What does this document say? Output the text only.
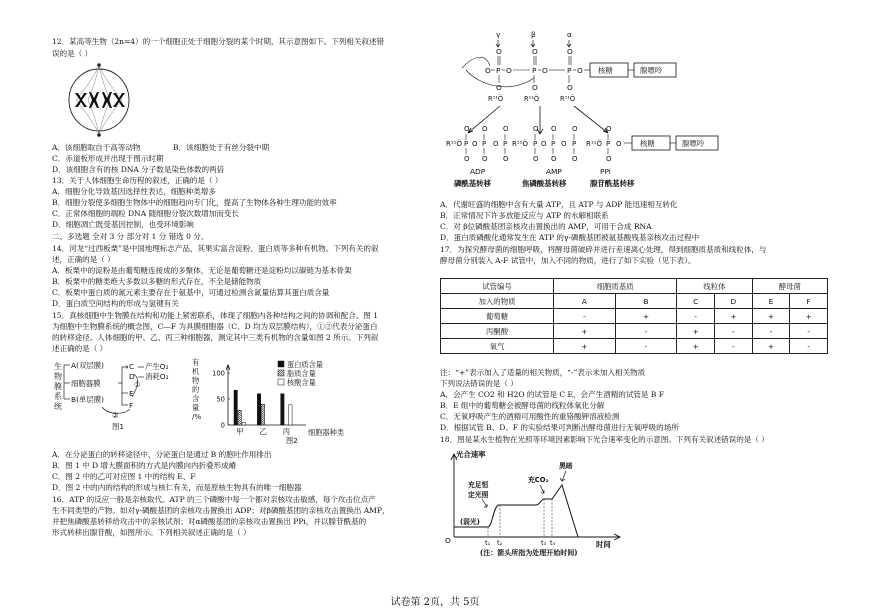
12．某高等生物（2n=4）的一个细胞正处于细胞分裂的某个时期，其示意图如下。下列相关叙述错
误的是（ ）
A．该细胞取自于高等动物	B．该细胞处于有丝分裂中期
C．赤道板形成并出现于图示时期
D．该细胞含有的核 DNA 分子数是染色体数的两倍
13．关于人体细胞生命历程的叙述，正确的是（ ）
A．细胞分化导致基因选择性表达，细胞种类增多
B．细胞分裂使多细胞生物体中的细胞趋向专门化，提高了生物体各种生理功能的效率
C．正常体细胞的端粒 DNA 随细胞分裂次数增加而变长
D．细胞凋亡既受基因控制，也受环境影响
二、多选题 全对 3 分 部分对 1 分 错选 0 分。
14．河龙“过西板栗”是中国地理标志产品，其果实富含淀粉、蛋白质等多种有机物。下列有关的叙
述，正确的是（ ）
A．板栗中的淀粉是由葡萄糖连接成的多聚体，无论是葡萄糖还是淀粉均以碳链为基本骨架
B．板栗中的糖类绝大多数以多糖的形式存在，不全是储能物质
C．板栗中蛋白质的氮元素主要存在于氨基中，可通过检测含氮量估算其蛋白质含量
D．蛋白质空间结构的形成与氢键有关
15．真核细胞中生物膜在结构和功能上紧密联系，体现了细胞内各种结构之间的协调和配合。图 1
为细胞中生物膜系统的概念图，C—F 为具膜细胞器（C、D 均为双层膜结构），①②代表分泌蛋白
的转移途径。人体细胞的甲、乙、丙三种细胞器，测定其中三类有机物的含量如图 2 所示。下列叙
述正确的是（ ）
生
物
膜
系
统
A(双层膜)
细胞器膜
B(单层膜)
C 产生O₂
D 消耗O₂
E
F
①
②
图1
有
机
物
的
含
量
/%
0
50
100
甲 乙 丙
蛋白质含量
脂质含量
核酸含量
细胞器种类
图2
A．在分泌蛋白的转移途径中，分泌蛋白是通过 B 的胞吐作用排出
B．图 1 中 D 增大膜面积的方式是内膜向内折叠形成嵴
C．图 2 中的乙可对应图 1 中的结构 E、F
D．图 2 中的内的结构的形成与核仁有关，而是原核生物具有的唯一细胞器
16．ATP 的反应一般是亲核取代。ATP 的三个磷酸中每一个都对亲核攻击敏感，每个攻击位点产
生不同类型的产物。如对γ-磷酸基团的亲核攻击置换出 ADP；对β磷酸基团的亲核攻击置换出 AMP，
并把焦磷酸基转移给攻击中的亲核试剂；对α磷酸基团的亲核攻击置换出 PPi，并以腺苷酰基的
形式转移出腺苷酸，如图所示。下列相关叙述正确的是（ ）
γ	β	α
O	O	O
O P O	P O	P O
O	O	O
核糖	腺嘌呤
R¹¹Ö	R¹¹Ö	R¹¹Ö
R¹¹Ö P O P O P R¹¹Ö P O P O P R¹¹Ö P O
O O O	O O O	O
O O O	O O O	O
核糖	腺嘌呤
ADP	AMP	PPi
磷酰基转移	焦磷酸基转移	腺苷酰基转移
A．代谢旺盛的细胞中含有大量 ATP，且 ATP 与 ADP 能迅速相互转化
B．正常情况下许多放能反应与 ATP 的水解相联系
C．对 β位磷酸基团亲核攻击置换出的 AMP，可用于合成 RNA
D．蛋白质磷酸化通常发生在 ATP 的γ-磷酸基团被氨基酸残基亲核攻击过程中
17．为探究酵母菌的细胞呼吸，将酵母菌破碎并进行差速离心处理，得到细胞质基质和线粒体，与
酵母菌分别装入 A-F 试管中，加入不同的物质，进行了如下实验（见下表）。
试管编号	细胞质基质		线粒体		酵母菌	
加入的物质	A	B	C	D	E	F
葡萄糖	-	+	-	+	+	+
丙酮酸	+	-	+	-	-	-
氧气	+	-	+	-	+	-
注：“+”表示加入了适量的相关物质，“-”表示未加入相关物质
下列说法错误的是（ ）
A．会产生 CO2 和 H2O 的试管是 C E，会产生酒精的试管是 B F
B．E 组中的葡萄糖会被酵母菌的线粒体氧化分解
C．无氧呼吸产生的酒精可用酸性的重铬酸钾溶液检测
D．根据试管 B、D、F 的实验结果可判断出酵母菌进行无氧呼吸的场所
18．图是某水生植物在光照等环境因素影响下光合速率变化的示意图。下列有关叙述错误的是（ ）
光合速率
时间
O
充足恒
定光照
充CO₂
黑暗
(弱光)
t₁ t₂	t₃ t₄
(注：箭头所指为处理开始时间)
试卷第 2页，共 5页
